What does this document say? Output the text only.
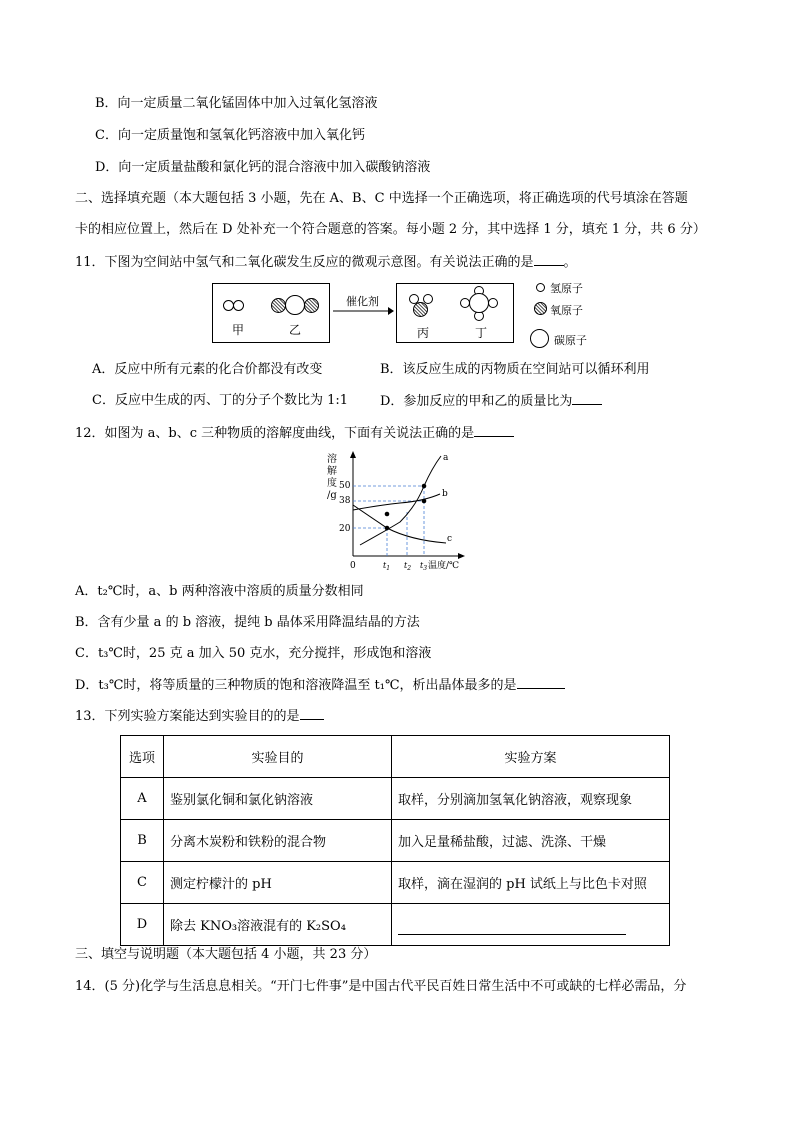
B．向一定质量二氧化锰固体中加入过氧化氢溶液
C．向一定质量饱和氢氧化钙溶液中加入氧化钙
D．向一定质量盐酸和氯化钙的混合溶液中加入碳酸钠溶液
二、选择填充题（本大题包括 3 小题，先在 A、B、C 中选择一个正确选项，将正确选项的代号填涂在答题
卡的相应位置上，然后在 D 处补充一个符合题意的答案。每小题 2 分，其中选择 1 分，填充 1 分，共 6 分）
11．下图为空间站中氢气和二氧化碳发生反应的微观示意图。有关说法正确的是 。
甲	乙
催化剂
丙	丁
氢原子
氧原子
碳原子
A．反应中所有元素的化合价都没有改变	B．该反应生成的丙物质在空间站可以循环利用
C．反应中生成的丙、丁的分子个数比为 1:1 D．参加反应的甲和乙的质量比为
12．如图为 a、b、c 三种物质的溶解度曲线，下面有关说法正确的是
溶
解
度
/g
0
50
38
20
$t_1$ $t_2$ $t_3$ 温度/℃
a
b
c
A．t₂℃时，a、b 两种溶液中溶质的质量分数相同
B．含有少量 a 的 b 溶液，提纯 b 晶体采用降温结晶的方法
C．t₃℃时，25 克 a 加入 50 克水，充分搅拌，形成饱和溶液
D．t₃℃时，将等质量的三种物质的饱和溶液降温至 t₁℃，析出晶体最多的是
13．下列实验方案能达到实验目的的是
选项	实验目的	实验方案
A	鉴别氯化铜和氯化钠溶液	取样，分别滴加氢氧化钠溶液，观察现象
B	分离木炭粉和铁粉的混合物	加入足量稀盐酸，过滤、洗涤、干燥
C	测定柠檬汁的 pH	取样，滴在湿润的 pH 试纸上与比色卡对照
D	除去 KNO₃溶液混有的 K₂SO₄	
三、填空与说明题（本大题包括 4 小题，共 23 分）
14．(5 分)化学与生活息息相关。“开门七件事”是中国古代平民百姓日常生活中不可或缺的七样必需品，分
